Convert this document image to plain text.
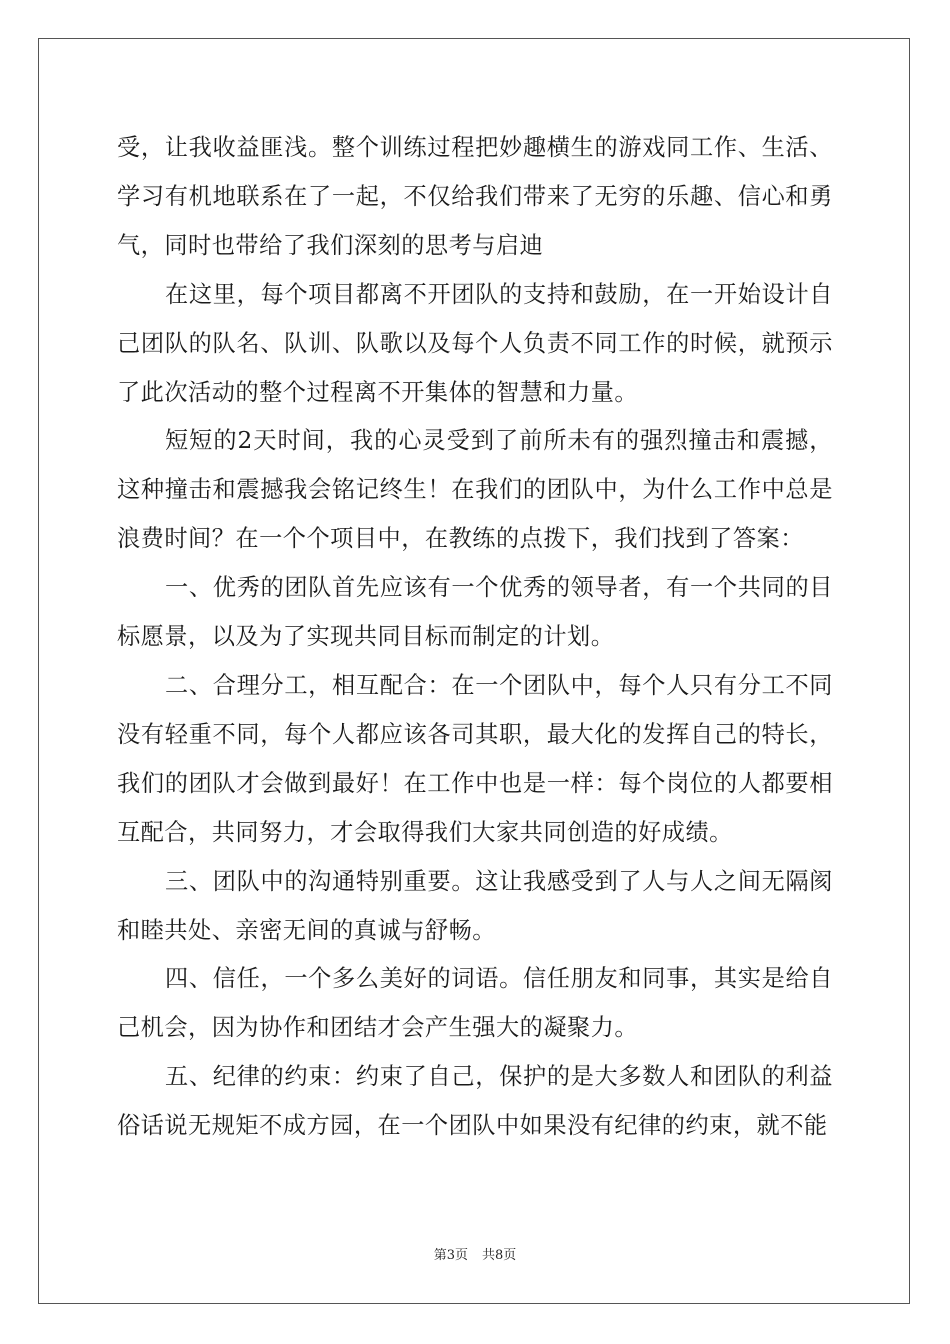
受，让我收益匪浅。整个训练过程把妙趣横生的游戏同工作、生活、学习有机地联系在了一起，不仅给我们带来了无穷的乐趣、信心和勇气，同时也带给了我们深刻的思考与启迪

在这里，每个项目都离不开团队的支持和鼓励，在一开始设计自己团队的队名、队训、队歌以及每个人负责不同工作的时候，就预示了此次活动的整个过程离不开集体的智慧和力量。

短短的2天时间，我的心灵受到了前所未有的强烈撞击和震撼，这种撞击和震撼我会铭记终生！在我们的团队中，为什么工作中总是浪费时间？在一个个项目中，在教练的点拨下，我们找到了答案：

一、优秀的团队首先应该有一个优秀的领导者，有一个共同的目标愿景，以及为了实现共同目标而制定的计划。

二、合理分工，相互配合：在一个团队中，每个人只有分工不同没有轻重不同，每个人都应该各司其职，最大化的发挥自己的特长，我们的团队才会做到最好！在工作中也是一样：每个岗位的人都要相互配合，共同努力，才会取得我们大家共同创造的好成绩。

三、团队中的沟通特别重要。这让我感受到了人与人之间无隔阂和睦共处、亲密无间的真诚与舒畅。

四、信任，一个多么美好的词语。信任朋友和同事，其实是给自己机会，因为协作和团结才会产生强大的凝聚力。

五、纪律的约束：约束了自己，保护的是大多数人和团队的利益俗话说无规矩不成方园，在一个团队中如果没有纪律的约束，就不能

第3页 共8页
